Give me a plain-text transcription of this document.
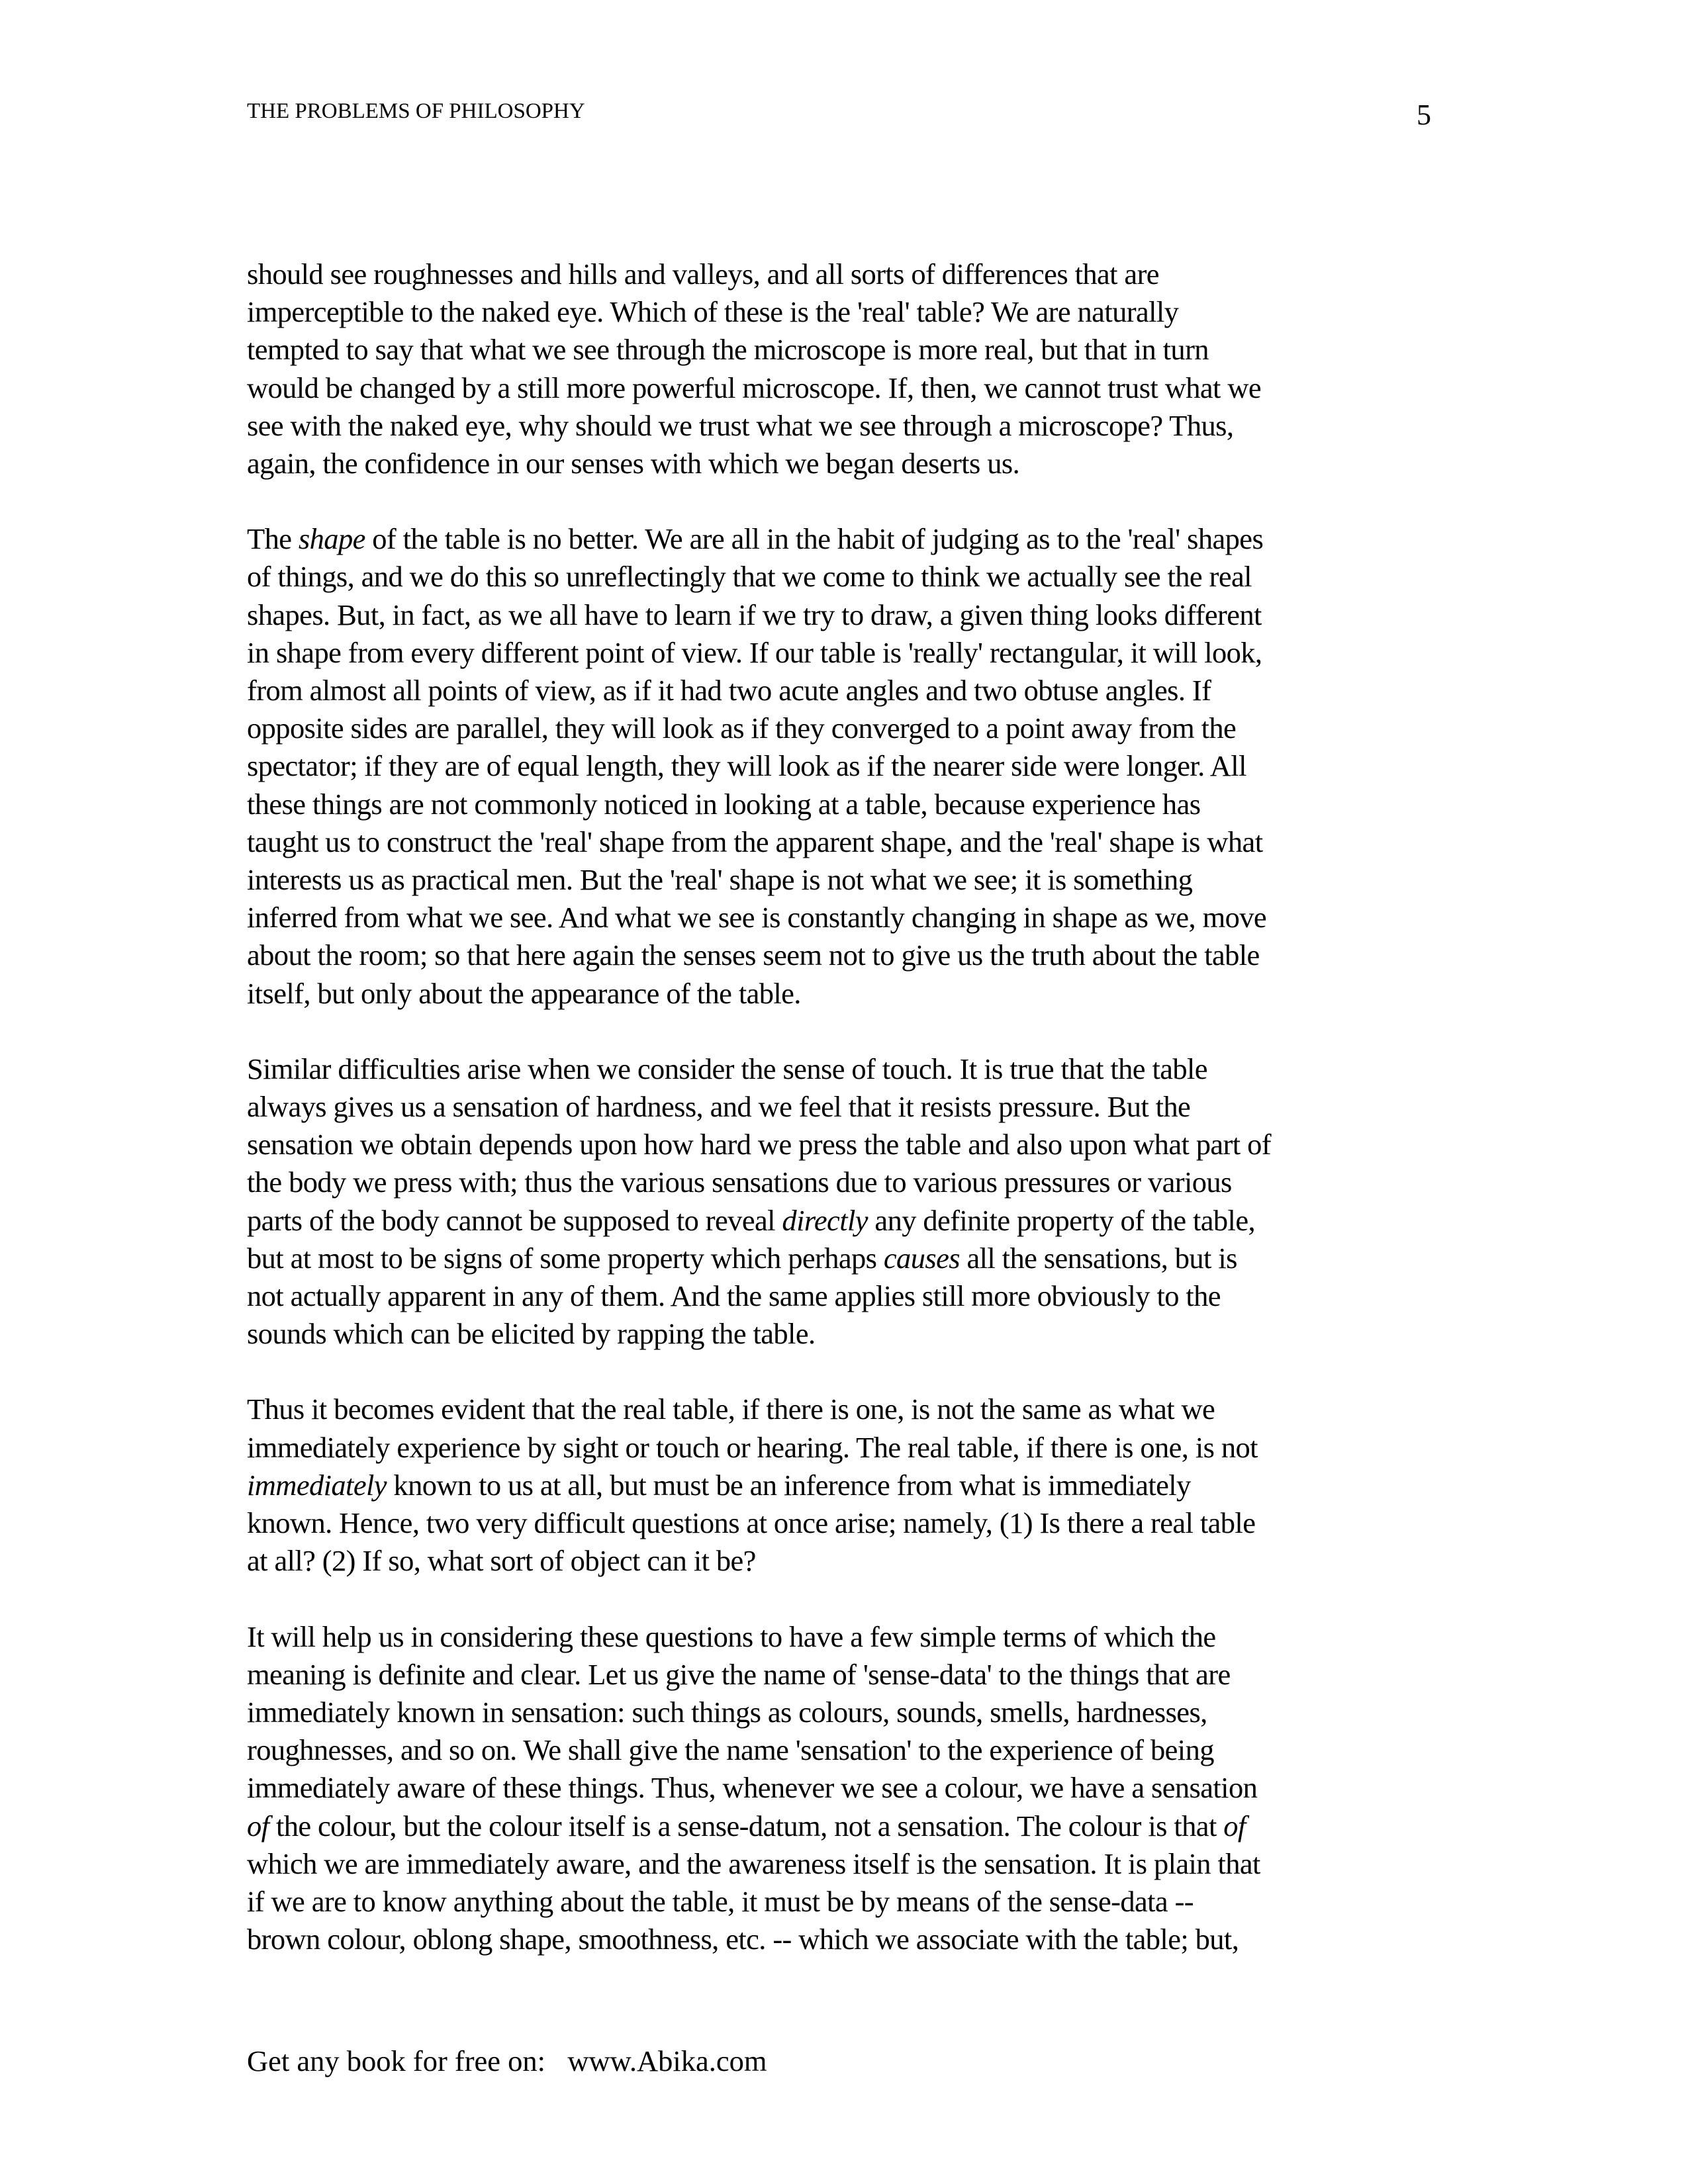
THE PROBLEMS OF PHILOSOPHY	5

should see roughnesses and hills and valleys, and all sorts of differences that are
imperceptible to the naked eye. Which of these is the 'real' table? We are naturally
tempted to say that what we see through the microscope is more real, but that in turn
would be changed by a still more powerful microscope. If, then, we cannot trust what we
see with the naked eye, why should we trust what we see through a microscope? Thus,
again, the confidence in our senses with which we began deserts us.

The shape of the table is no better. We are all in the habit of judging as to the 'real' shapes
of things, and we do this so unreflectingly that we come to think we actually see the real
shapes. But, in fact, as we all have to learn if we try to draw, a given thing looks different
in shape from every different point of view. If our table is 'really' rectangular, it will look,
from almost all points of view, as if it had two acute angles and two obtuse angles. If
opposite sides are parallel, they will look as if they converged to a point away from the
spectator; if they are of equal length, they will look as if the nearer side were longer. All
these things are not commonly noticed in looking at a table, because experience has
taught us to construct the 'real' shape from the apparent shape, and the 'real' shape is what
interests us as practical men. But the 'real' shape is not what we see; it is something
inferred from what we see. And what we see is constantly changing in shape as we, move
about the room; so that here again the senses seem not to give us the truth about the table
itself, but only about the appearance of the table.

Similar difficulties arise when we consider the sense of touch. It is true that the table
always gives us a sensation of hardness, and we feel that it resists pressure. But the
sensation we obtain depends upon how hard we press the table and also upon what part of
the body we press with; thus the various sensations due to various pressures or various
parts of the body cannot be supposed to reveal directly any definite property of the table,
but at most to be signs of some property which perhaps causes all the sensations, but is
not actually apparent in any of them. And the same applies still more obviously to the
sounds which can be elicited by rapping the table.

Thus it becomes evident that the real table, if there is one, is not the same as what we
immediately experience by sight or touch or hearing. The real table, if there is one, is not
immediately known to us at all, but must be an inference from what is immediately
known. Hence, two very difficult questions at once arise; namely, (1) Is there a real table
at all? (2) If so, what sort of object can it be?

It will help us in considering these questions to have a few simple terms of which the
meaning is definite and clear. Let us give the name of 'sense-data' to the things that are
immediately known in sensation: such things as colours, sounds, smells, hardnesses,
roughnesses, and so on. We shall give the name 'sensation' to the experience of being
immediately aware of these things. Thus, whenever we see a colour, we have a sensation
of the colour, but the colour itself is a sense-datum, not a sensation. The colour is that of
which we are immediately aware, and the awareness itself is the sensation. It is plain that
if we are to know anything about the table, it must be by means of the sense-data --
brown colour, oblong shape, smoothness, etc. -- which we associate with the table; but,

Get any book for free on:   www.Abika.com
